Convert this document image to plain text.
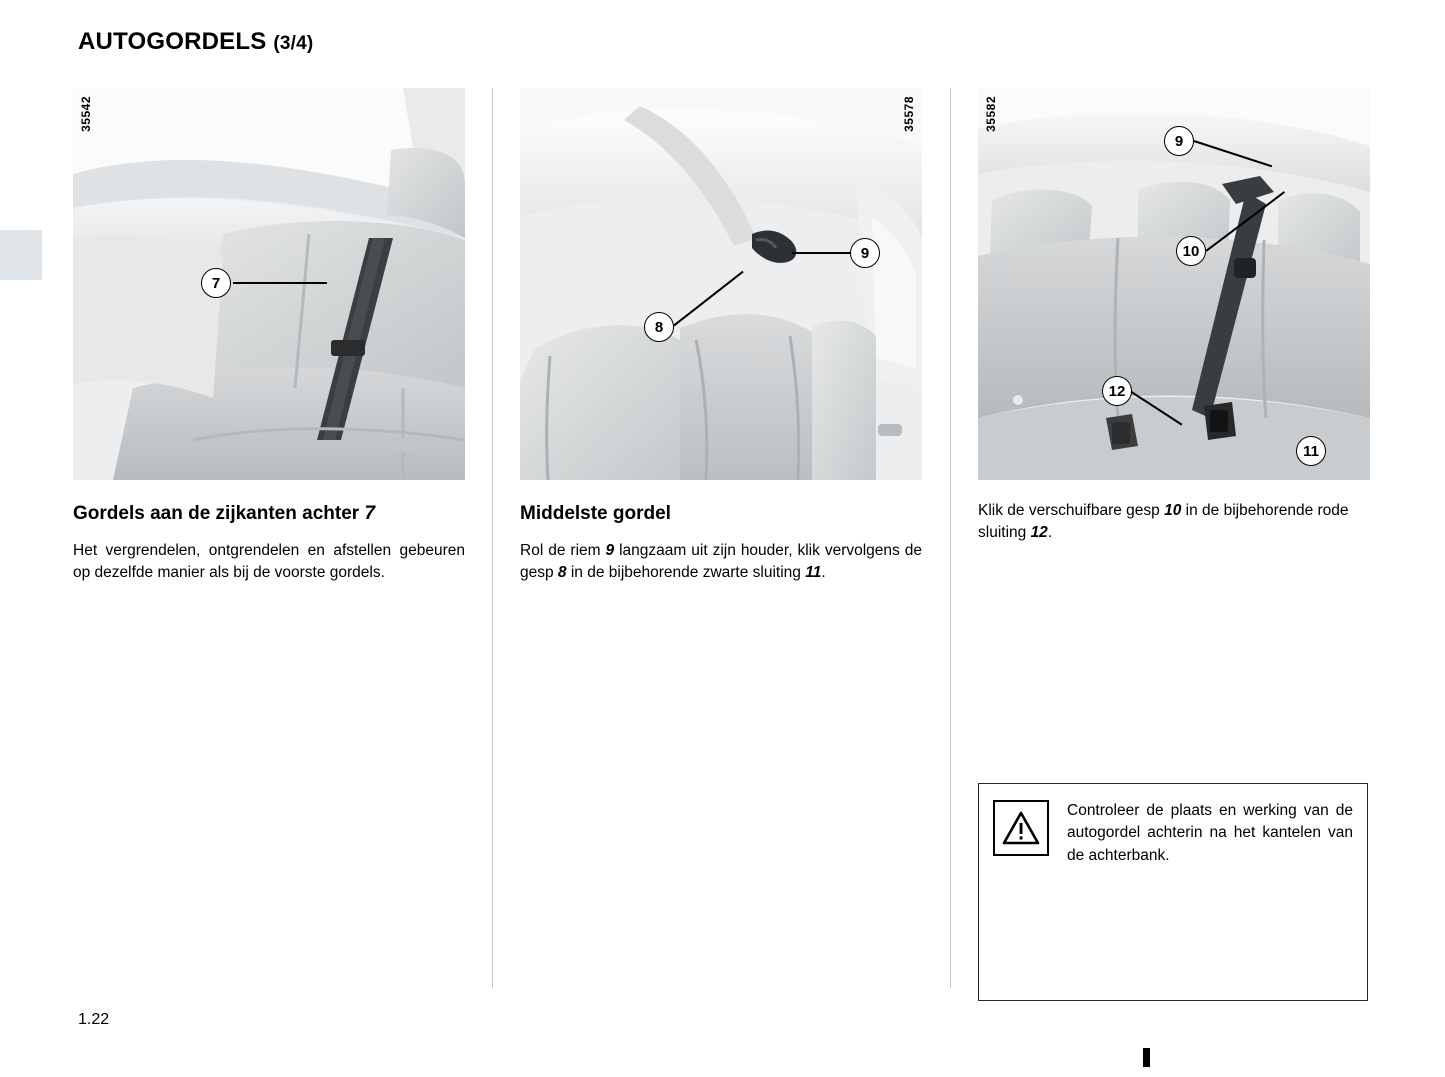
AUTOGORDELS (3/4)
35542
7
Gordels aan de zijkanten achter 7
Het vergrendelen, ontgrendelen en afstellen gebeuren op dezelfde manier als bij de voorste gordels.
35578
8
9
Middelste gordel
Rol de riem 9 langzaam uit zijn houder, klik vervolgens de gesp 8 in de bijbehorende zwarte sluiting 11.
35582
9
10
11
12
Klik de verschuifbare gesp 10 in de bijbehorende rode sluiting 12.
Controleer de plaats en werking van de autogordel achterin na het kantelen van de achterbank.
1.22
